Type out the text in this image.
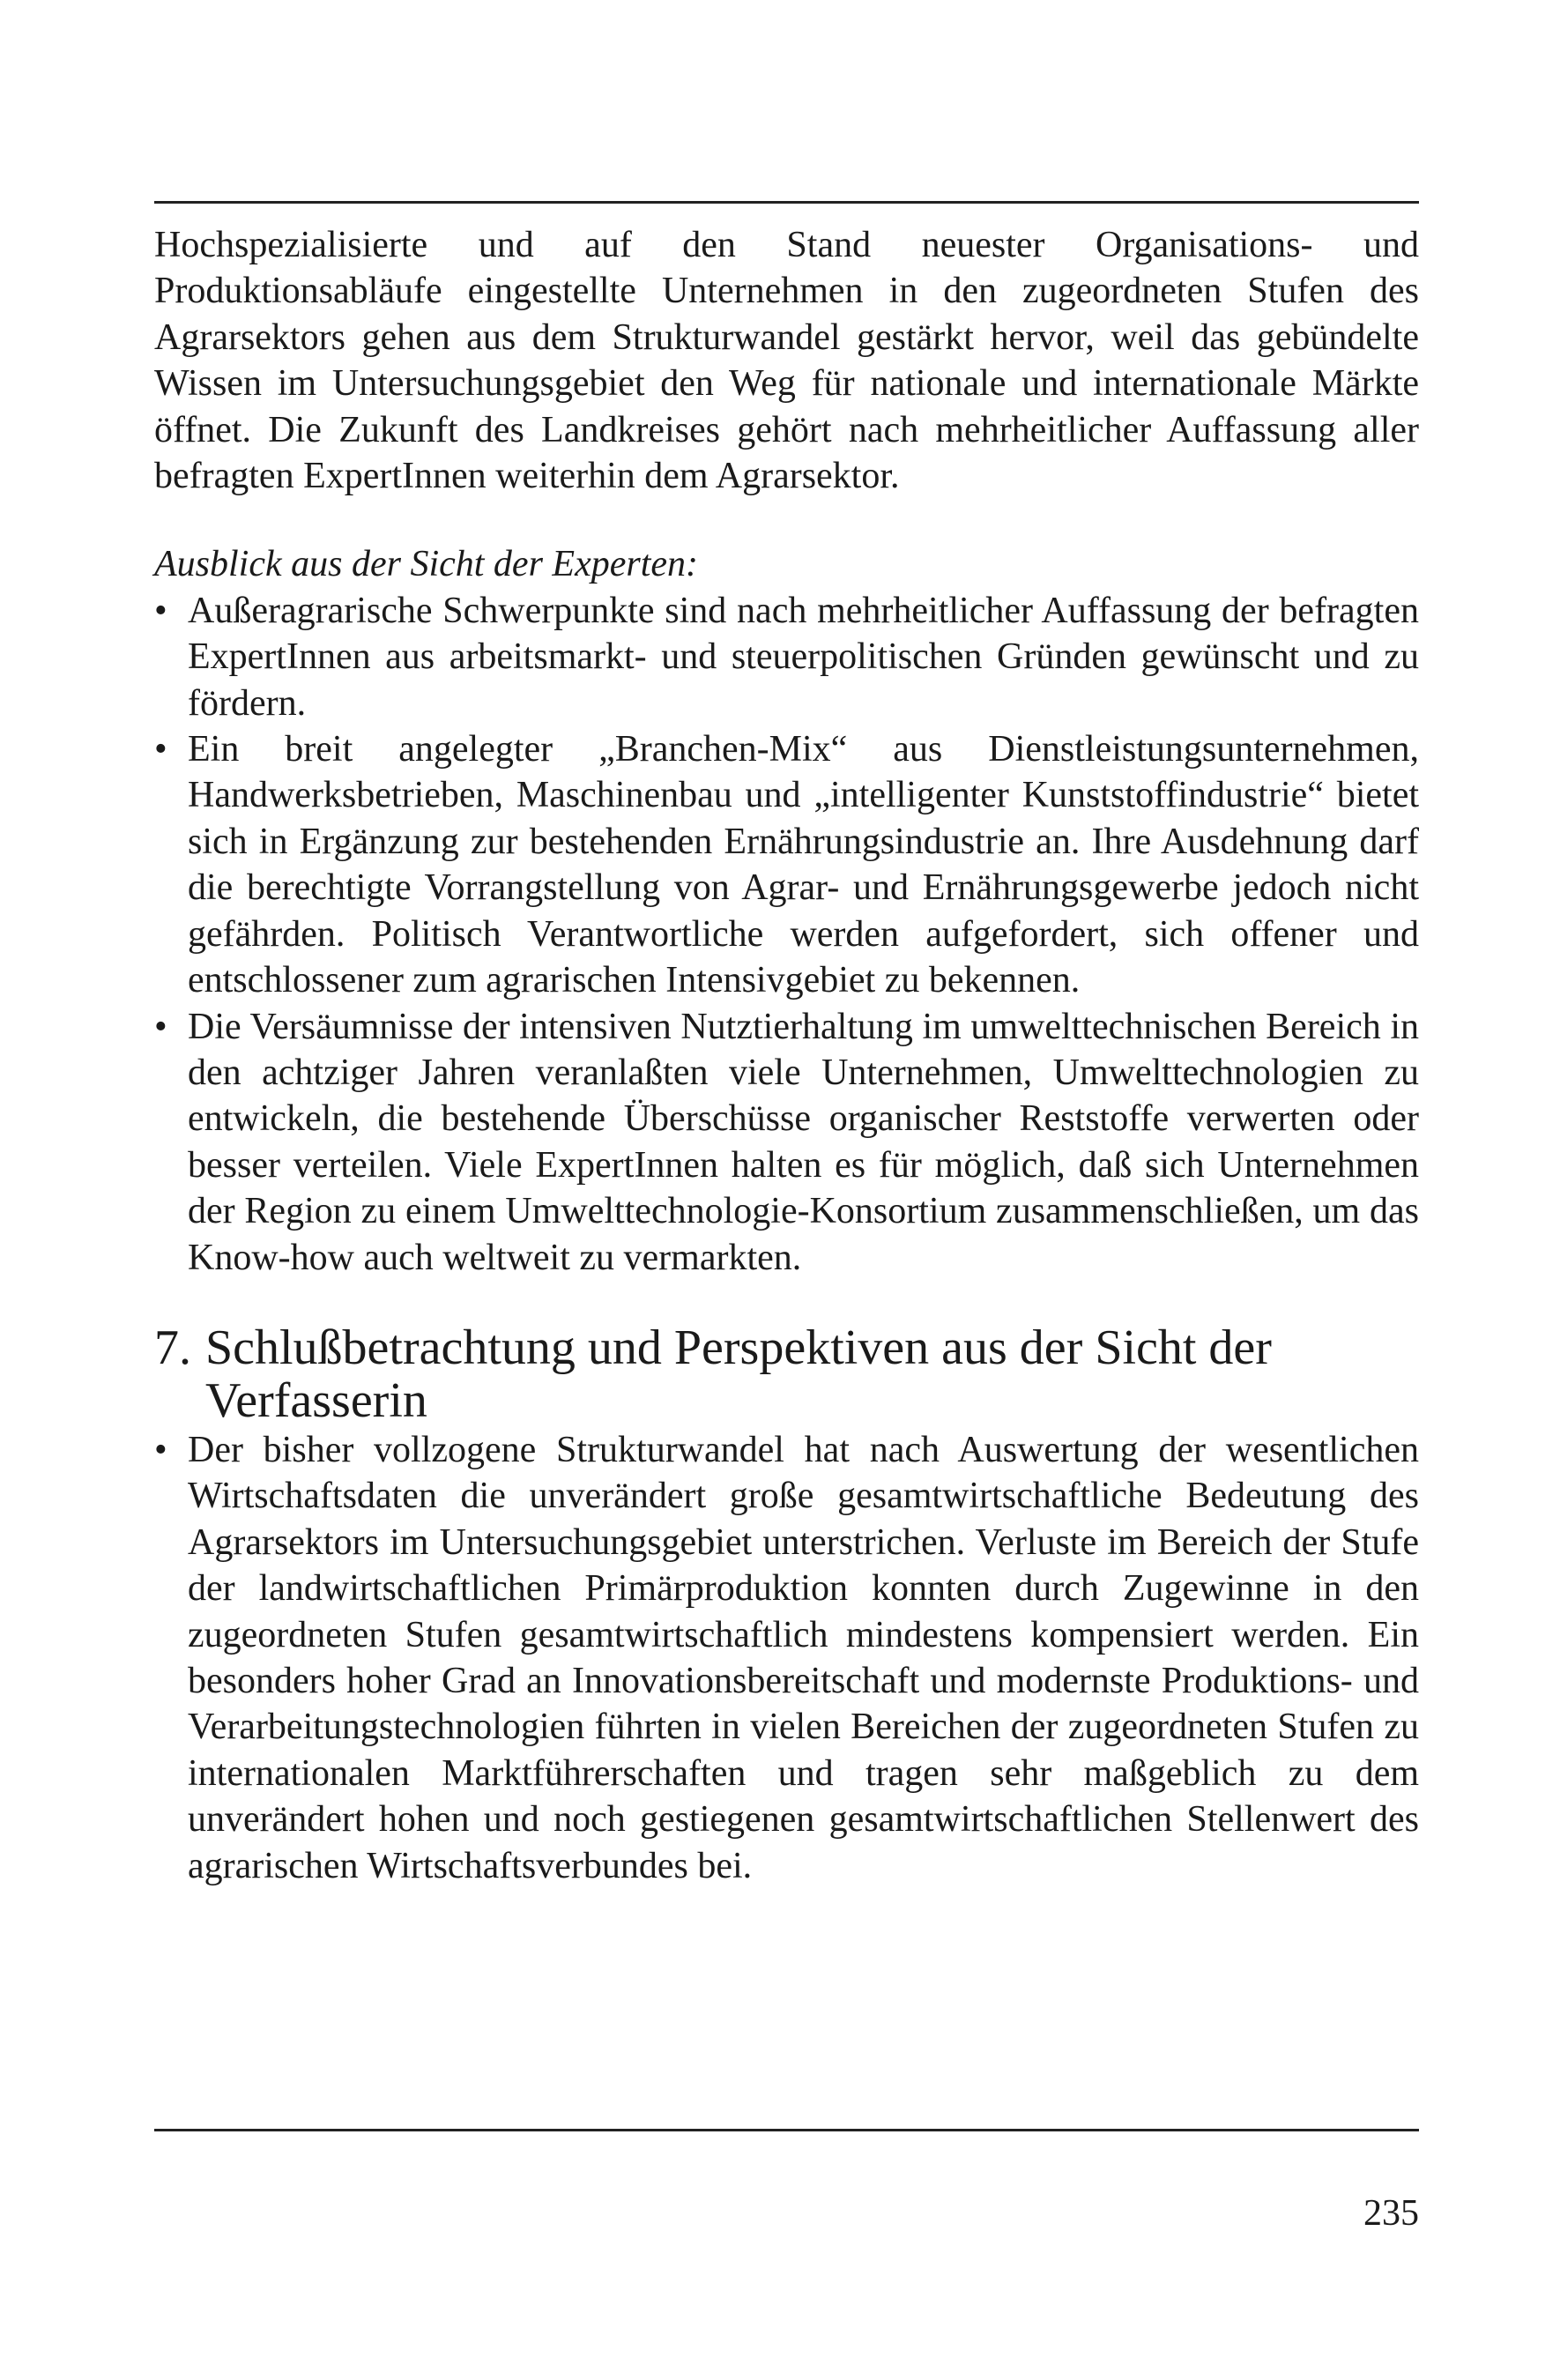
Hochspezialisierte und auf den Stand neuester Organisations- und Produktionsabläufe eingestellte Unternehmen in den zugeordneten Stufen des Agrarsektors gehen aus dem Strukturwandel gestärkt hervor, weil das gebündelte Wissen im Untersuchungsgebiet den Weg für nationale und internationale Märkte öffnet. Die Zukunft des Landkreises gehört nach mehrheitlicher Auffassung aller befragten ExpertInnen weiterhin dem Agrarsektor.

Ausblick aus der Sicht der Experten:

• Außeragrarische Schwerpunkte sind nach mehrheitlicher Auffassung der befragten ExpertInnen aus arbeitsmarkt- und steuerpolitischen Gründen gewünscht und zu fördern.

• Ein breit angelegter „Branchen-Mix“ aus Dienstleistungsunternehmen, Handwerksbetrieben, Maschinenbau und „intelligenter Kunststoffindustrie“ bietet sich in Ergänzung zur bestehenden Ernährungsindustrie an. Ihre Ausdehnung darf die berechtigte Vorrangstellung von Agrar- und Ernährungsgewerbe jedoch nicht gefährden. Politisch Verantwortliche werden aufgefordert, sich offener und entschlossener zum agrarischen Intensivgebiet zu bekennen.

• Die Versäumnisse der intensiven Nutztierhaltung im umwelttechnischen Bereich in den achtziger Jahren veranlaßten viele Unternehmen, Umwelttechnologien zu entwickeln, die bestehende Überschüsse organischer Reststoffe verwerten oder besser verteilen. Viele ExpertInnen halten es für möglich, daß sich Unternehmen der Region zu einem Umwelttechnologie-Konsortium zusammenschließen, um das Know-how auch weltweit zu vermarkten.

7. Schlußbetrachtung und Perspektiven aus der Sicht der Verfasserin
• Der bisher vollzogene Strukturwandel hat nach Auswertung der wesentlichen Wirtschaftsdaten die unverändert große gesamtwirtschaftliche Bedeutung des Agrarsektors im Untersuchungsgebiet unterstrichen. Verluste im Bereich der Stufe der landwirtschaftlichen Primärproduktion konnten durch Zugewinne in den zugeordneten Stufen gesamtwirtschaftlich mindestens kompensiert werden. Ein besonders hoher Grad an Innovationsbereitschaft und modernste Produktions- und Verarbeitungstechnologien führten in vielen Bereichen der zugeordneten Stufen zu internationalen Marktführerschaften und tragen sehr maßgeblich zu dem unverändert hohen und noch gestiegenen gesamtwirtschaftlichen Stellenwert des agrarischen Wirtschaftsverbundes bei.

235
